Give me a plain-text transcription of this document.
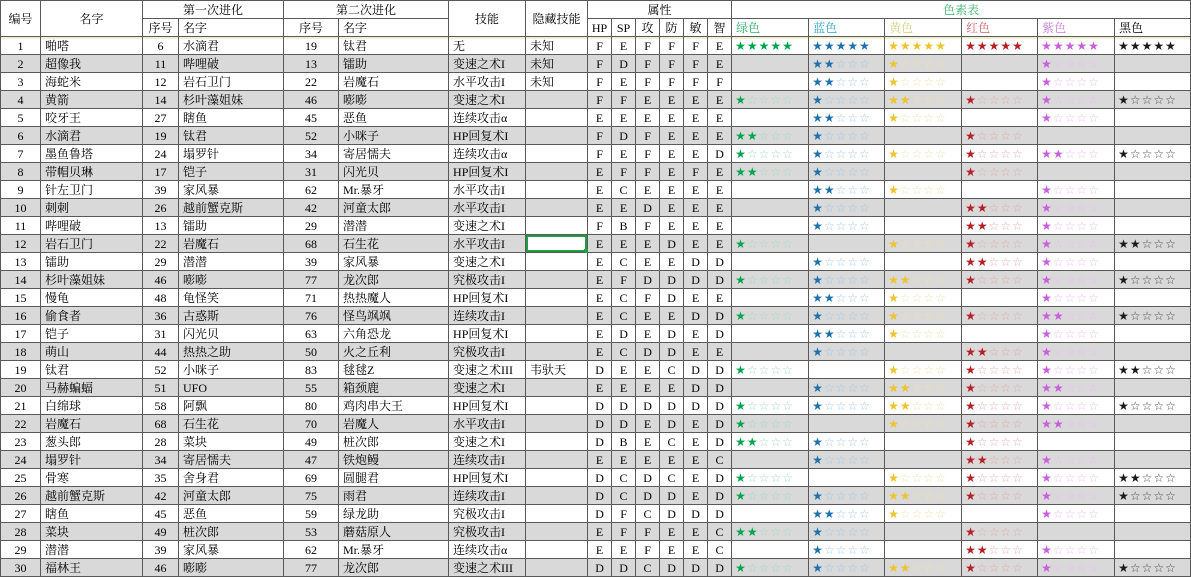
编号	名字	第一次进化		第二次进化		技能	隐藏技能	属性						色素表					
		序号	名字	序号	名字			HP	SP	攻	防	敏	智	绿色	蓝色	黄色	红色	紫色	黑色
1	啪嗒	6	水滴君	19	钛君	无	未知	F	E	F	F	F	E	★★★★★	★★★★★	★★★★★	★★★★★	★★★★★	★★★★★
2	超像我	11	哔哩破	13	镭助	变速之术I	未知	F	D	F	F	F	E		★★☆☆☆	★☆☆☆☆		★☆☆☆☆	
3	海蛇米	12	岩石卫门	22	岩魔石	水平攻击I	未知	F	E	F	F	F	F		★★☆☆☆	★☆☆☆☆		★☆☆☆☆	
4	黄箭	14	杉叶藻姐妹	46	嘭嘭	变速之术I		F	F	E	E	E	E	★☆☆☆☆	★☆☆☆☆	★★☆☆☆	★☆☆☆☆	★☆☆☆☆	★☆☆☆☆
5	咬牙王	27	瞎鱼	45	恶鱼	连续攻击α		E	E	E	E	E	E		★★☆☆☆	★☆☆☆☆		★☆☆☆☆	
6	水滴君	19	钛君	52	小咪子	HP回复术I		F	D	F	E	E	E	★★☆☆☆	★☆☆☆☆		★☆☆☆☆		
7	墨鱼鲁塔	24	塌罗针	34	寄居懦夫	连续攻击α		F	E	F	E	E	D	★☆☆☆☆	★☆☆☆☆	★☆☆☆☆	★☆☆☆☆	★★☆☆☆	★☆☆☆☆
8	带帽贝琳	17	铠子	31	闪光贝	HP回复术I		E	F	F	E	F	E	★★☆☆☆	★☆☆☆☆		★☆☆☆☆		
9	针左卫门	39	家风暴	62	Mr.暴牙	水平攻击I		E	C	E	E	E	E		★★☆☆☆	★☆☆☆☆		★☆☆☆☆	
10	刺刺	26	越前蟹克斯	42	河童太郎	水平攻击I		E	E	D	E	E	E		★☆☆☆☆		★★☆☆☆	★☆☆☆☆	
11	哔哩破	13	镭助	29	潜潜	变速之术I		F	B	F	E	E	E		★☆☆☆☆		★★☆☆☆	★☆☆☆☆	
12	岩石卫门	22	岩魔石	68	石生花	水平攻击I		E	E	E	D	E	E	★☆☆☆☆		★☆☆☆☆	★☆☆☆☆	★☆☆☆☆	★★☆☆☆
13	镭助	29	潜潜	39	家风暴	变速之术I		E	C	E	E	D	D		★☆☆☆☆		★★☆☆☆	★☆☆☆☆	
14	杉叶藻姐妹	46	嘭嘭	77	龙次郎	究极攻击I		E	F	D	D	D	D	★☆☆☆☆	★☆☆☆☆	★★☆☆☆	★☆☆☆☆	★☆☆☆☆	★☆☆☆☆
15	慢龟	48	龟怪笑	71	热热魔人	HP回复术I		E	C	F	D	E	E		★★☆☆☆	★☆☆☆☆		★☆☆☆☆	
16	偷食者	36	古惑斯	76	怪鸟飒飒	连续攻击I		E	C	E	E	D	D	★☆☆☆☆	★☆☆☆☆	★☆☆☆☆	★☆☆☆☆	★★☆☆☆	★☆☆☆☆
17	铠子	31	闪光贝	63	六角恐龙	HP回复术I		E	D	E	D	E	D		★★☆☆☆	★☆☆☆☆		★☆☆☆☆	
18	萌山	44	热热之助	50	火之丘利	究极攻击I		E	C	D	D	E	E		★☆☆☆☆		★★☆☆☆	★☆☆☆☆	
19	钛君	52	小咪子	83	毬毬Z	变速之术III	韦驮天	D	E	E	C	D	D	★☆☆☆☆		★☆☆☆☆	★☆☆☆☆	★☆☆☆☆	★★☆☆☆
20	马赫蝙蝠	51	UFO	55	箱颈鹿	变速之术I		E	E	E	E	D	D		★☆☆☆☆	★★☆☆☆	★☆☆☆☆	★★☆☆☆	
21	白绵球	58	阿飘	80	鸡肉串大王	HP回复术I		D	D	D	D	D	D	★☆☆☆☆	★☆☆☆☆	★★☆☆☆	★☆☆☆☆	★☆☆☆☆	★☆☆☆☆
22	岩魔石	68	石生花	70	岩魔人	水平攻击I		D	D	E	D	E	D	★☆☆☆☆		★☆☆☆☆	★☆☆☆☆	★★☆☆☆	
23	葱头郎	28	菜块	49	桩次郎	变速之术I		D	B	E	C	E	D	★★☆☆☆	★☆☆☆☆		★☆☆☆☆		
24	塌罗针	34	寄居懦夫	47	铁炮鳗	连续攻击I		E	E	E	E	E	C		★☆☆☆☆		★★☆☆☆	★☆☆☆☆	
25	骨寒	35	舍身君	69	圆腿君	HP回复术I		D	C	D	C	E	D	★☆☆☆☆		★☆☆☆☆	★☆☆☆☆	★☆☆☆☆	★★☆☆☆
26	越前蟹克斯	42	河童太郎	75	雨君	连续攻击I		D	C	D	D	E	D	★☆☆☆☆	★☆☆☆☆	★★☆☆☆	★☆☆☆☆	★☆☆☆☆	★☆☆☆☆
27	瞎鱼	45	恶鱼	59	绿龙助	究极攻击I		D	F	C	D	D	D		★★☆☆☆	★☆☆☆☆		★☆☆☆☆	
28	菜块	49	桩次郎	53	蘑菇原人	究极攻击I		E	F	F	E	E	C	★★☆☆☆	★☆☆☆☆		★☆☆☆☆		
29	潜潜	39	家风暴	62	Mr.暴牙	连续攻击α		E	E	F	E	E	C		★☆☆☆☆		★★☆☆☆	★☆☆☆☆	
30	福林王	46	嘭嘭	77	龙次郎	变速之术III		D	D	C	D	D	D	★☆☆☆☆	★☆☆☆☆	★★☆☆☆	★☆☆☆☆	★☆☆☆☆	★☆☆☆☆
